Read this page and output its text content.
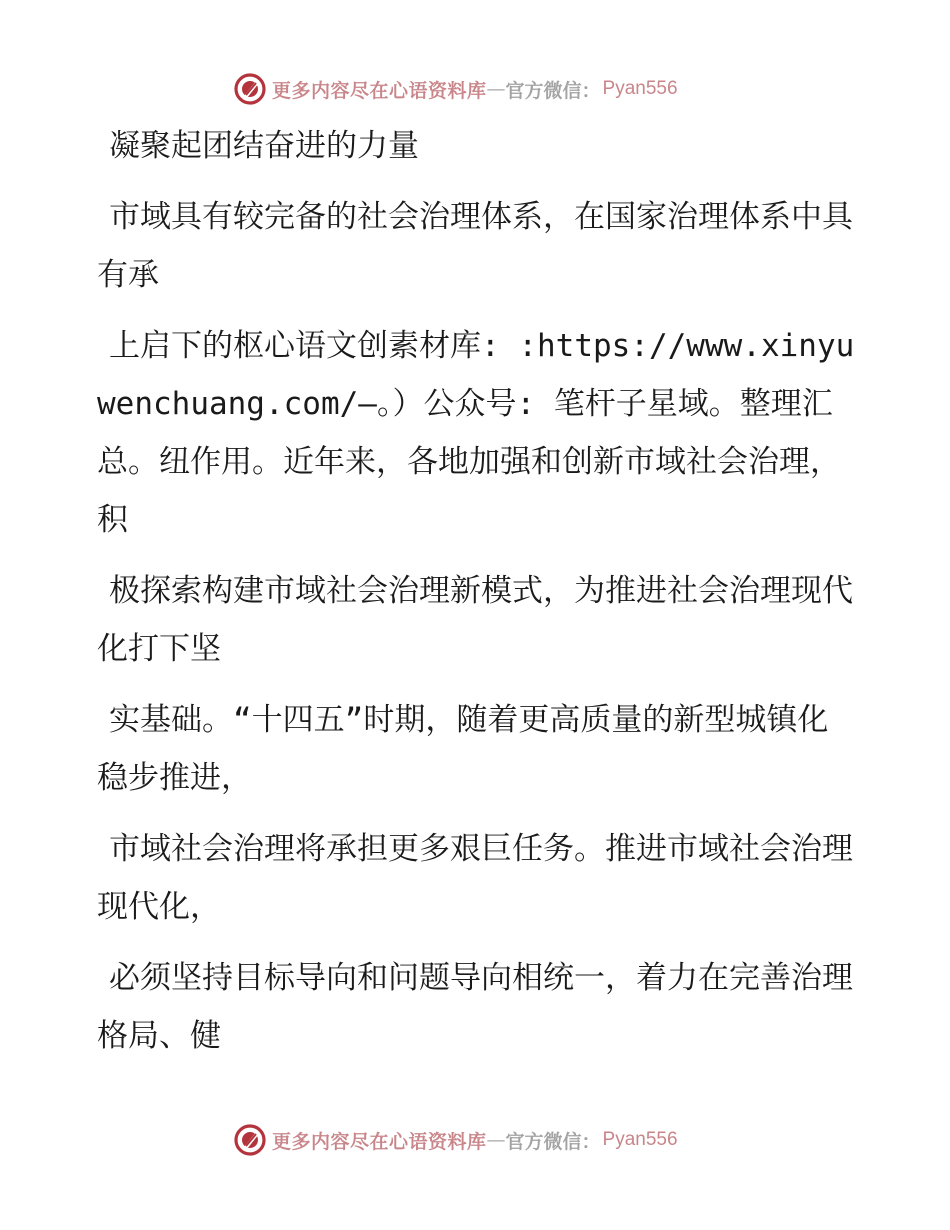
更多内容尽在心语资料库 — 官方微信： Pyan556

凝聚起团结奋进的力量

市域具有较完备的社会治理体系，在国家治理体系中具有承

上启下的枢心语文创素材库: :https://www.xinyuwenchuang.com/—。）公众号: 笔杆子星域。整理汇总。纽作用。近年来，各地加强和创新市域社会治理，积

极探索构建市域社会治理新模式，为推进社会治理现代化打下坚

实基础。“十四五”时期，随着更高质量的新型城镇化稳步推进，

市域社会治理将承担更多艰巨任务。推进市域社会治理现代化，

必须坚持目标导向和问题导向相统一，着力在完善治理格局、健

更多内容尽在心语资料库 — 官方微信： Pyan556
